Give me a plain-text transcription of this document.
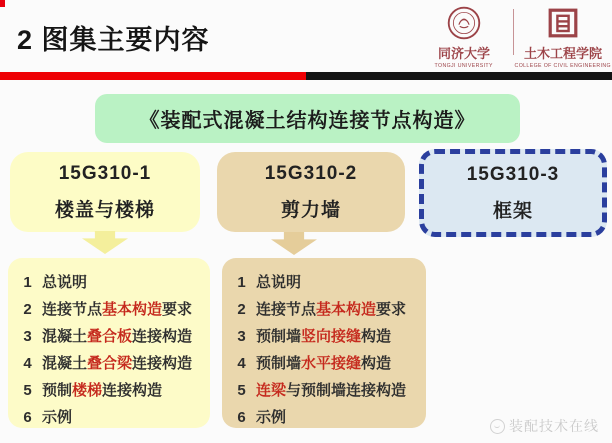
2 图集主要内容	同济大学
TONGJI UNIVERSITY
土木工程学院
COLLEGE OF CIVIL ENGINEERING
《装配式混凝土结构连接节点构造》
15G310-1
楼盖与楼梯
15G310-2
剪力墙
15G310-3
框架
1 总说明
2 连接节点 基本构造 要求
3 混凝土 叠合板 连接构造
4 混凝土 叠合梁 连接构造
5 预制 楼梯 连接构造
6 示例
1 总说明
2 连接节点 基本构造 要求
3 预制墙 竖向接缝 构造
4 预制墙 水平接缝 构造
5 连梁 与预制墙连接构造
6 示例	装配技术在线
